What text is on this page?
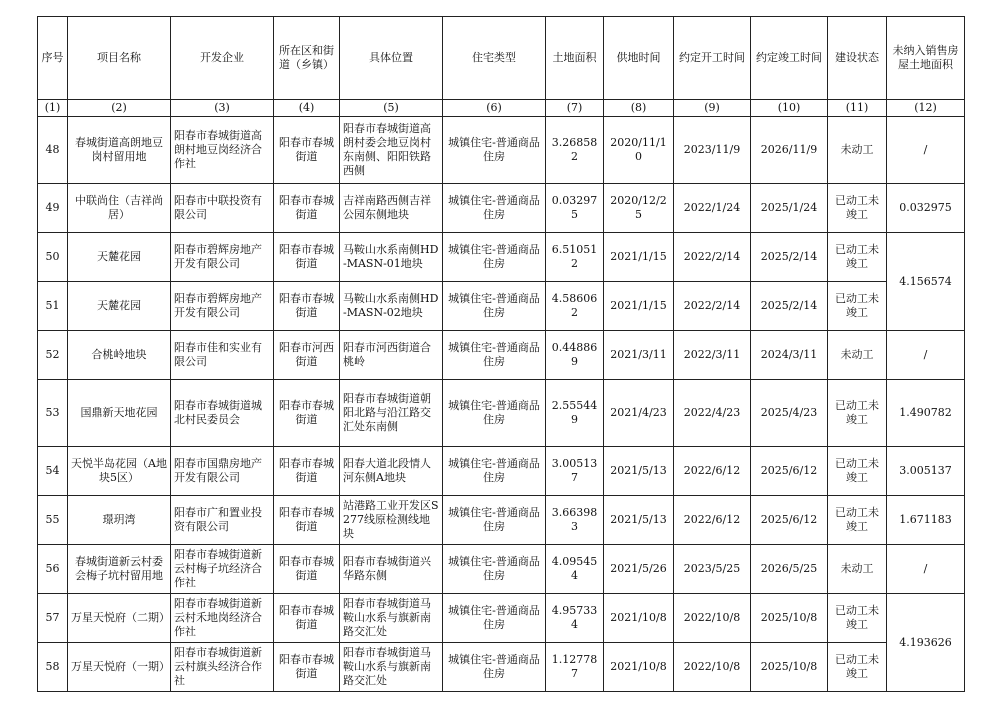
序号	项目名称	开发企业	所在区和街道（乡镇）	具体位置	住宅类型	土地面积	供地时间	约定开工时间	约定竣工时间	建设状态	未纳入销售房屋土地面积
(1)	(2)	(3)	(4)	(5)	(6)	(7)	(8)	(9)	(10)	(11)	(12)
48	春城街道高朗地豆岗村留用地	阳春市春城街道高朗村地豆岗经济合作社	阳春市春城街道	阳春市春城街道高朗村委会地豆岗村东南侧、阳阳铁路西侧	城镇住宅-普通商品住房	3.268582	2020/11/10	2023/11/9	2026/11/9	未动工	/
49	中联尚住（吉祥尚居）	阳春市中联投资有限公司	阳春市春城街道	吉祥南路西侧吉祥公园东侧地块	城镇住宅-普通商品住房	0.032975	2020/12/25	2022/1/24	2025/1/24	已动工未竣工	0.032975
50	天麓花园	阳春市碧辉房地产开发有限公司	阳春市春城街道	马鞍山水系南侧HD-MASN-01地块	城镇住宅-普通商品住房	6.510512	2021/1/15	2022/2/14	2025/2/14	已动工未竣工	4.156574
51	天麓花园	阳春市碧辉房地产开发有限公司	阳春市春城街道	马鞍山水系南侧HD-MASN-02地块	城镇住宅-普通商品住房	4.586062	2021/1/15	2022/2/14	2025/2/14	已动工未竣工	
52	合桃岭地块	阳春市佳和实业有限公司	阳春市河西街道	阳春市河西街道合桃岭	城镇住宅-普通商品住房	0.448869	2021/3/11	2022/3/11	2024/3/11	未动工	/
53	国鼎新天地花园	阳春市春城街道城北村民委员会	阳春市春城街道	阳春市春城街道朝阳北路与沿江路交汇处东南侧	城镇住宅-普通商品住房	2.555449	2021/4/23	2022/4/23	2025/4/23	已动工未竣工	1.490782
54	天悦半岛花园（A地块5区）	阳春市国鼎房地产开发有限公司	阳春市春城街道	阳春大道北段情人河东侧A地块	城镇住宅-普通商品住房	3.005137	2021/5/13	2022/6/12	2025/6/12	已动工未竣工	3.005137
55	璟玥湾	阳春市广和置业投资有限公司	阳春市春城街道	站港路工业开发区S277线原检测线地块	城镇住宅-普通商品住房	3.663983	2021/5/13	2022/6/12	2025/6/12	已动工未竣工	1.671183
56	春城街道新云村委会梅子坑村留用地	阳春市春城街道新云村梅子坑经济合作社	阳春市春城街道	阳春市春城街道兴华路东侧	城镇住宅-普通商品住房	4.095454	2021/5/26	2023/5/25	2026/5/25	未动工	/
57	万星天悦府（二期）	阳春市春城街道新云村禾地岗经济合作社	阳春市春城街道	阳春市春城街道马鞍山水系与旗新南路交汇处	城镇住宅-普通商品住房	4.957334	2021/10/8	2022/10/8	2025/10/8	已动工未竣工	4.193626
58	万星天悦府（一期）	阳春市春城街道新云村旗头经济合作社	阳春市春城街道	阳春市春城街道马鞍山水系与旗新南路交汇处	城镇住宅-普通商品住房	1.127787	2021/10/8	2022/10/8	2025/10/8	已动工未竣工	
